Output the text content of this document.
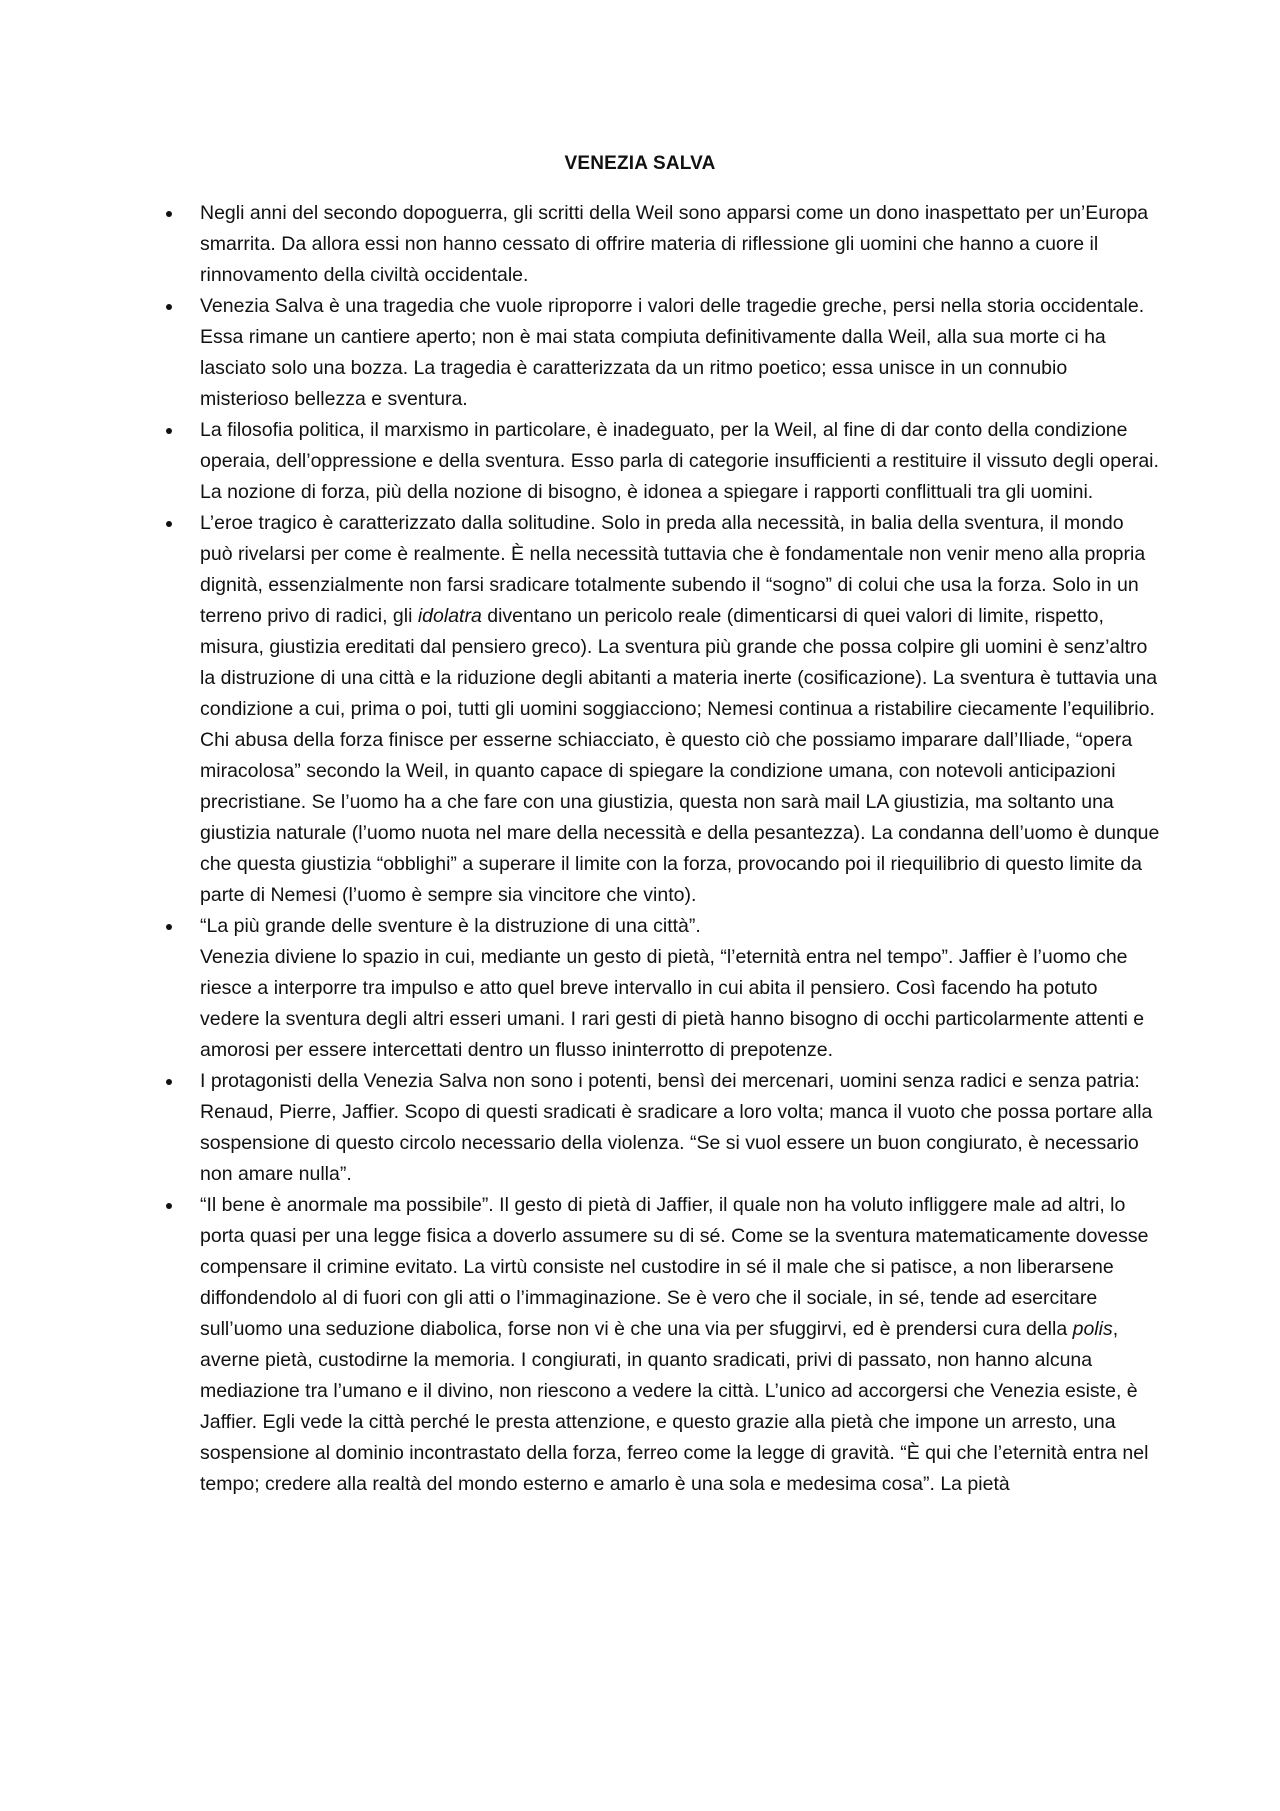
VENEZIA SALVA
Negli anni del secondo dopoguerra, gli scritti della Weil sono apparsi come un dono inaspettato per un’Europa smarrita. Da allora essi non hanno cessato di offrire materia di riflessione gli uomini che hanno a cuore il rinnovamento della civiltà occidentale.
Venezia Salva è una tragedia che vuole riproporre i valori delle tragedie greche, persi nella storia occidentale. Essa rimane un cantiere aperto; non è mai stata compiuta definitivamente dalla Weil, alla sua morte ci ha lasciato solo una bozza. La tragedia è caratterizzata da un ritmo poetico; essa unisce in un connubio misterioso bellezza e sventura.
La filosofia politica, il marxismo in particolare, è inadeguato, per la Weil, al fine di dar conto della condizione operaia, dell’oppressione e della sventura. Esso parla di categorie insufficienti a restituire il vissuto degli operai. La nozione di forza, più della nozione di bisogno, è idonea a spiegare i rapporti conflittuali tra gli uomini.
L’eroe tragico è caratterizzato dalla solitudine. Solo in preda alla necessità, in balia della sventura, il mondo può rivelarsi per come è realmente. È nella necessità tuttavia che è fondamentale non venir meno alla propria dignità, essenzialmente non farsi sradicare totalmente subendo il “sogno” di colui che usa la forza. Solo in un terreno privo di radici, gli idolatra diventano un pericolo reale (dimenticarsi di quei valori di limite, rispetto, misura, giustizia ereditati dal pensiero greco). La sventura più grande che possa colpire gli uomini è senz’altro la distruzione di una città e la riduzione degli abitanti a materia inerte (cosificazione). La sventura è tuttavia una condizione a cui, prima o poi, tutti gli uomini soggiacciono; Nemesi continua a ristabilire ciecamente l’equilibrio. Chi abusa della forza finisce per esserne schiacciato, è questo ciò che possiamo imparare dall’Iliade, “opera miracolosa” secondo la Weil, in quanto capace di spiegare la condizione umana, con notevoli anticipazioni precristiane. Se l’uomo ha a che fare con una giustizia, questa non sarà mail LA giustizia, ma soltanto una giustizia naturale (l’uomo nuota nel mare della necessità e della pesantezza). La condanna dell’uomo è dunque che questa giustizia “obblighi” a superare il limite con la forza, provocando poi il riequilibrio di questo limite da parte di Nemesi (l’uomo è sempre sia vincitore che vinto).
“La più grande delle sventure è la distruzione di una città”.
Venezia diviene lo spazio in cui, mediante un gesto di pietà, “l’eternità entra nel tempo”. Jaffier è l’uomo che riesce a interporre tra impulso e atto quel breve intervallo in cui abita il pensiero. Così facendo ha potuto vedere la sventura degli altri esseri umani. I rari gesti di pietà hanno bisogno di occhi particolarmente attenti e amorosi per essere intercettati dentro un flusso ininterrotto di prepotenze.
I protagonisti della Venezia Salva non sono i potenti, bensì dei mercenari, uomini senza radici e senza patria: Renaud, Pierre, Jaffier. Scopo di questi sradicati è sradicare a loro volta; manca il vuoto che possa portare alla sospensione di questo circolo necessario della violenza. “Se si vuol essere un buon congiurato, è necessario non amare nulla”.
“Il bene è anormale ma possibile”. Il gesto di pietà di Jaffier, il quale non ha voluto infliggere male ad altri, lo porta quasi per una legge fisica a doverlo assumere su di sé. Come se la sventura matematicamente dovesse compensare il crimine evitato. La virtù consiste nel custodire in sé il male che si patisce, a non liberarsene diffondendolo al di fuori con gli atti o l’immaginazione. Se è vero che il sociale, in sé, tende ad esercitare sull’uomo una seduzione diabolica, forse non vi è che una via per sfuggirvi, ed è prendersi cura della polis, averne pietà, custodirne la memoria. I congiurati, in quanto sradicati, privi di passato, non hanno alcuna mediazione tra l’umano e il divino, non riescono a vedere la città. L’unico ad accorgersi che Venezia esiste, è Jaffier. Egli vede la città perché le presta attenzione, e questo grazie alla pietà che impone un arresto, una sospensione al dominio incontrastato della forza, ferreo come la legge di gravità. “È qui che l’eternità entra nel tempo; credere alla realtà del mondo esterno e amarlo è una sola e medesima cosa”. La pietà
